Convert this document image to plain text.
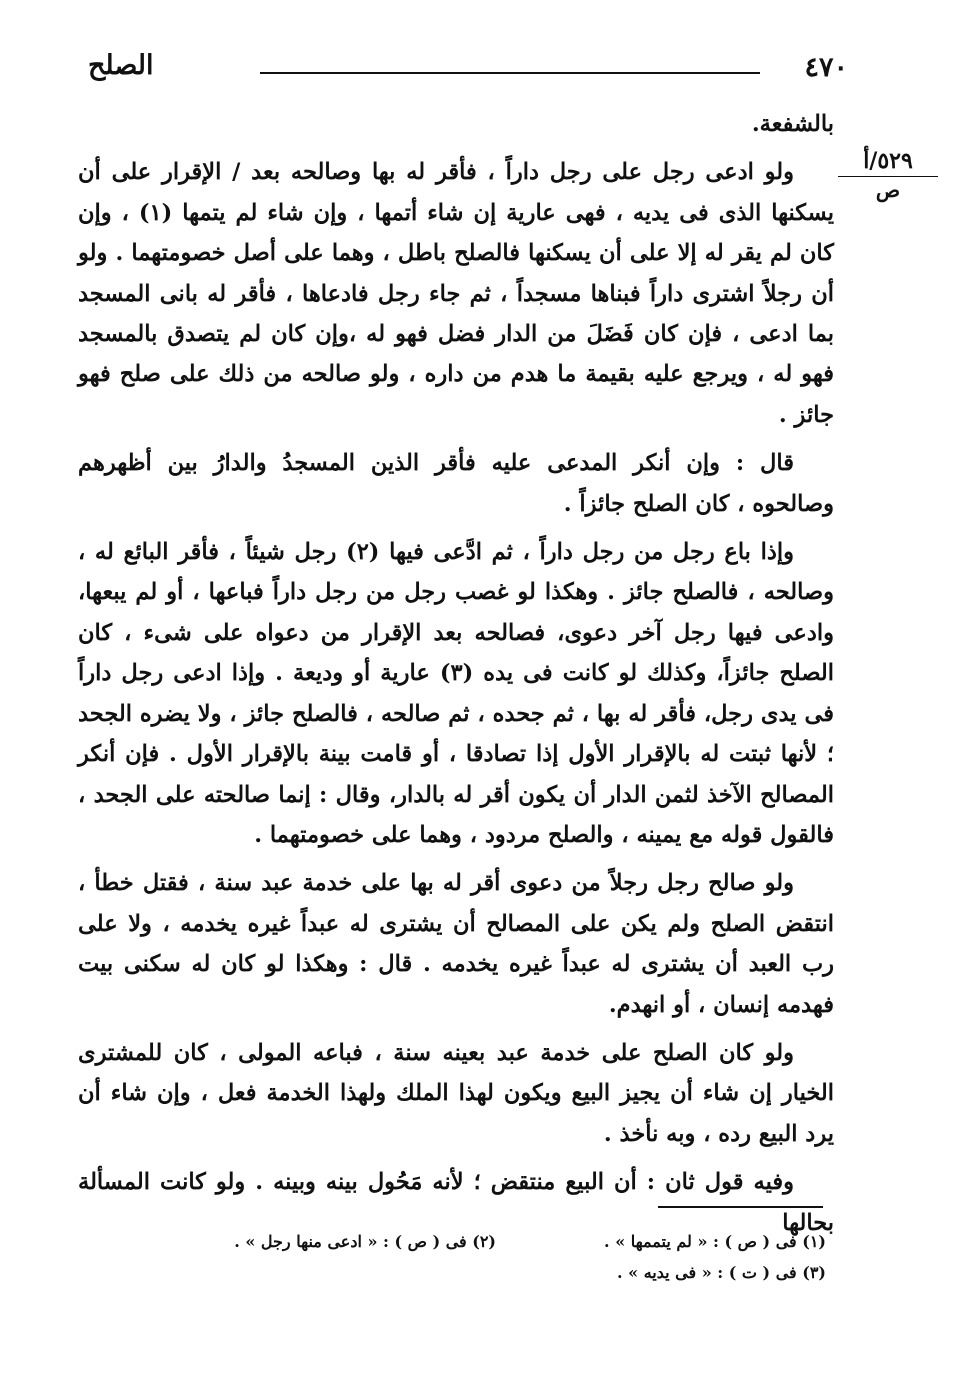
٤٧٠
الصلح
٥٢٩/أ
ص

بالشفعة.

ولو ادعى رجل على رجل داراً ، فأقر له بها وصالحه بعد / الإقرار على أن يسكنها الذى فى يديه ، فهى عارية إن شاء أتمها ، وإن شاء لم يتمها (١) ، وإن كان لم يقر له إلا على أن يسكنها فالصلح باطل ، وهما على أصل خصومتهما . ولو أن رجلاً اشترى داراً فبناها مسجداً ، ثم جاء رجل فادعاها ، فأقر له بانى المسجد بما ادعى ، فإن كان فَضَلَ من الدار فضل فهو له ،وإن كان لم يتصدق بالمسجد فهو له ، ويرجع عليه بقيمة ما هدم من داره ، ولو صالحه من ذلك على صلح فهو جائز .

قال : وإن أنكر المدعى عليه فأقر الذين المسجدُ والدارُ بين أظهرهم وصالحوه ، كان الصلح جائزاً .

وإذا باع رجل من رجل داراً ، ثم ادَّعى فيها (٢) رجل شيئاً ، فأقر البائع له ، وصالحه ، فالصلح جائز . وهكذا لو غصب رجل من رجل داراً فباعها ، أو لم يبعها، وادعى فيها رجل آخر دعوى، فصالحه بعد الإقرار من دعواه على شىء ، كان الصلح جائزاً، وكذلك لو كانت فى يده (٣) عارية أو وديعة . وإذا ادعى رجل داراً فى يدى رجل، فأقر له بها ، ثم جحده ، ثم صالحه ، فالصلح جائز ، ولا يضره الجحد ؛ لأنها ثبتت له بالإقرار الأول إذا تصادقا ، أو قامت بينة بالإقرار الأول . فإن أنكر المصالح الآخذ لثمن الدار أن يكون أقر له بالدار، وقال : إنما صالحته على الجحد ، فالقول قوله مع يمينه ، والصلح مردود ، وهما على خصومتهما .

ولو صالح رجل رجلاً من دعوى أقر له بها على خدمة عبد سنة ، فقتل خطأ ، انتقض الصلح ولم يكن على المصالح أن يشترى له عبداً غيره يخدمه ، ولا على رب العبد أن يشترى له عبداً غيره يخدمه . قال : وهكذا لو كان له سكنى بيت فهدمه إنسان ، أو انهدم.

ولو كان الصلح على خدمة عبد بعينه سنة ، فباعه المولى ، كان للمشترى الخيار إن شاء أن يجيز البيع ويكون لهذا الملك ولهذا الخدمة فعل ، وإن شاء أن يرد البيع رده ، وبه نأخذ .

وفيه قول ثان : أن البيع منتقض ؛ لأنه مَحُول بينه وبينه . ولو كانت المسألة بحالها

(١) فى ( ص ) : « لم يتممها » .
(٢) فى ( ص ) : « ادعى منها رجل » .
(٣) فى ( ت ) : « فى يديه » .
